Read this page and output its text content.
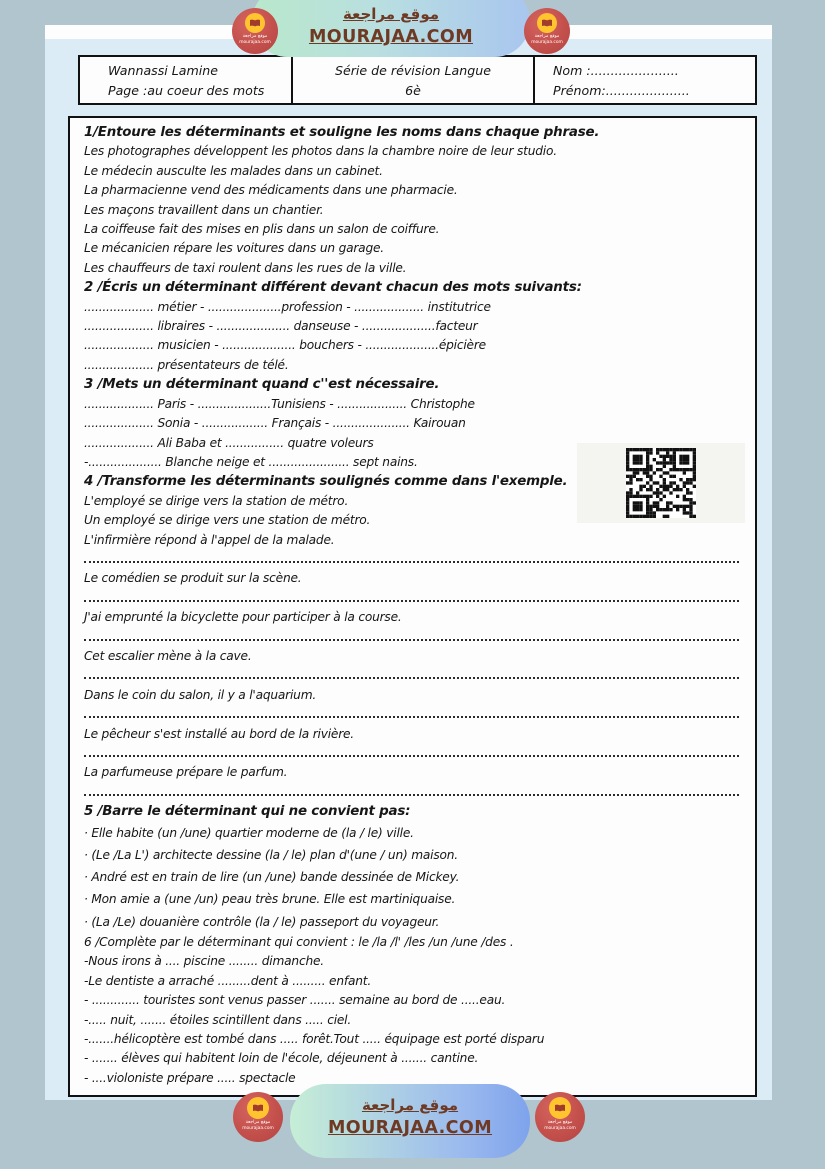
Wannassi Lamine
Page :au coeur des mots
Série de révision Langue
6è
Nom :......................
Prénom:.....................
1/Entoure les déterminants et souligne les noms dans chaque phrase.
Les photographes développent les photos dans la chambre noire de leur studio.
Le médecin ausculte les malades dans un cabinet.
La pharmacienne vend des médicaments dans une pharmacie.
Les maçons travaillent dans un chantier.
La coiffeuse fait des mises en plis dans un salon de coiffure.
Le mécanicien répare les voitures dans un garage.
Les chauffeurs de taxi roulent dans les rues de la ville.
2 /Écris un déterminant différent devant chacun des mots suivants:
................... métier - ....................profession - ................... institutrice
................... libraires - .................... danseuse - ....................facteur
................... musicien - .................... bouchers - ....................épicière
................... présentateurs de télé.
3 /Mets un déterminant quand c''est nécessaire.
................... Paris - ....................Tunisiens - ................... Christophe
................... Sonia - .................. Français - ..................... Kairouan
................... Ali Baba et ................ quatre voleurs
-.................... Blanche neige et ...................... sept nains.
4 /Transforme les déterminants soulignés comme dans l'exemple.
L'employé se dirige vers la station de métro.
Un employé se dirige vers une station de métro.
L'infirmière répond à l'appel de la malade.
Le comédien se produit sur la scène.
J'ai emprunté la bicyclette pour participer à la course.
Cet escalier mène à la cave.
Dans le coin du salon, il y a l'aquarium.
Le pêcheur s'est installé au bord de la rivière.
La parfumeuse prépare le parfum.
5 /Barre le déterminant qui ne convient pas:
· Elle habite (un /une) quartier moderne de (la / le) ville.
· (Le /La L') architecte dessine (la / le) plan d'(une / un) maison.
· André est en train de lire (un /une) bande dessinée de Mickey.
· Mon amie a (une /un) peau très brune. Elle est martiniquaise.
· (La /Le) douanière contrôle (la / le) passeport du voyageur.
6 /Complète par le déterminant qui convient : le /la /l' /les /un /une /des .
-Nous irons à .... piscine ........ dimanche.
-Le dentiste a arraché .........dent à ......... enfant.
- ............. touristes sont venus passer ....... semaine au bord de .....eau.
-..... nuit, ....... étoiles scintillent dans ..... ciel.
-.......hélicoptère est tombé dans ..... forêt.Tout ..... équipage est porté disparu
- ....... élèves qui habitent loin de l'école, déjeunent à ....... cantine.
- ....violoniste prépare ..... spectacle
موقع مراجعة
MOURAJAA.COM
موقع مراجعة
mourajaa.com
موقع مراجعة
mourajaa.com
موقع مراجعة
MOURAJAA.COM
موقع مراجعة
mourajaa.com
موقع مراجعة
mourajaa.com
